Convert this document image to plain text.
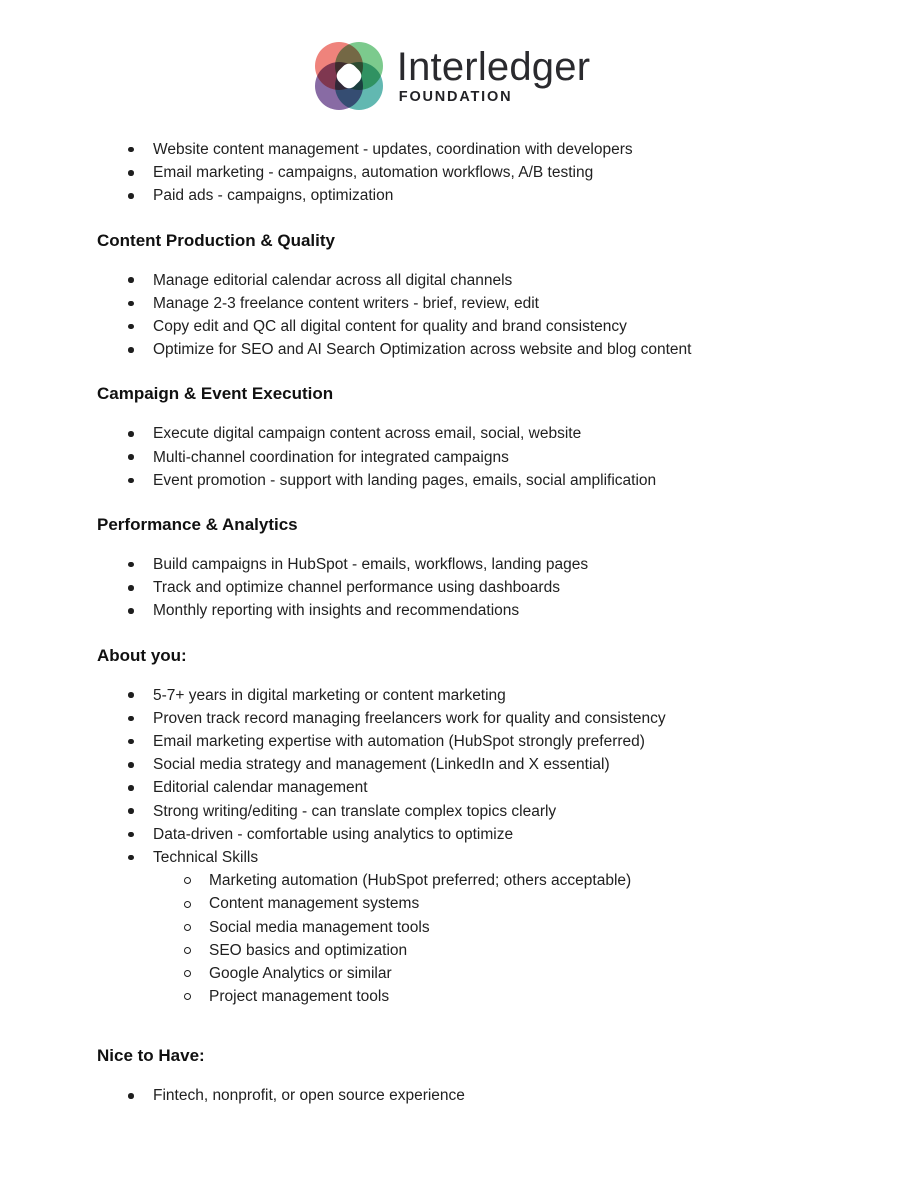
Interledger
FOUNDATION
Website content management - updates, coordination with developers
Email marketing - campaigns, automation workflows, A/B testing
Paid ads - campaigns, optimization
Content Production & Quality
Manage editorial calendar across all digital channels
Manage 2-3 freelance content writers - brief, review, edit
Copy edit and QC all digital content for quality and brand consistency
Optimize for SEO and AI Search Optimization across website and blog content
Campaign & Event Execution
Execute digital campaign content across email, social, website
Multi-channel coordination for integrated campaigns
Event promotion - support with landing pages, emails, social amplification
Performance & Analytics
Build campaigns in HubSpot - emails, workflows, landing pages
Track and optimize channel performance using dashboards
Monthly reporting with insights and recommendations
About you:
5-7+ years in digital marketing or content marketing
Proven track record managing freelancers work for quality and consistency
Email marketing expertise with automation (HubSpot strongly preferred)
Social media strategy and management (LinkedIn and X essential)
Editorial calendar management
Strong writing/editing - can translate complex topics clearly
Data-driven - comfortable using analytics to optimize
Technical Skills
Marketing automation (HubSpot preferred; others acceptable)
Content management systems
Social media management tools
SEO basics and optimization
Google Analytics or similar
Project management tools
Nice to Have:
Fintech, nonprofit, or open source experience
